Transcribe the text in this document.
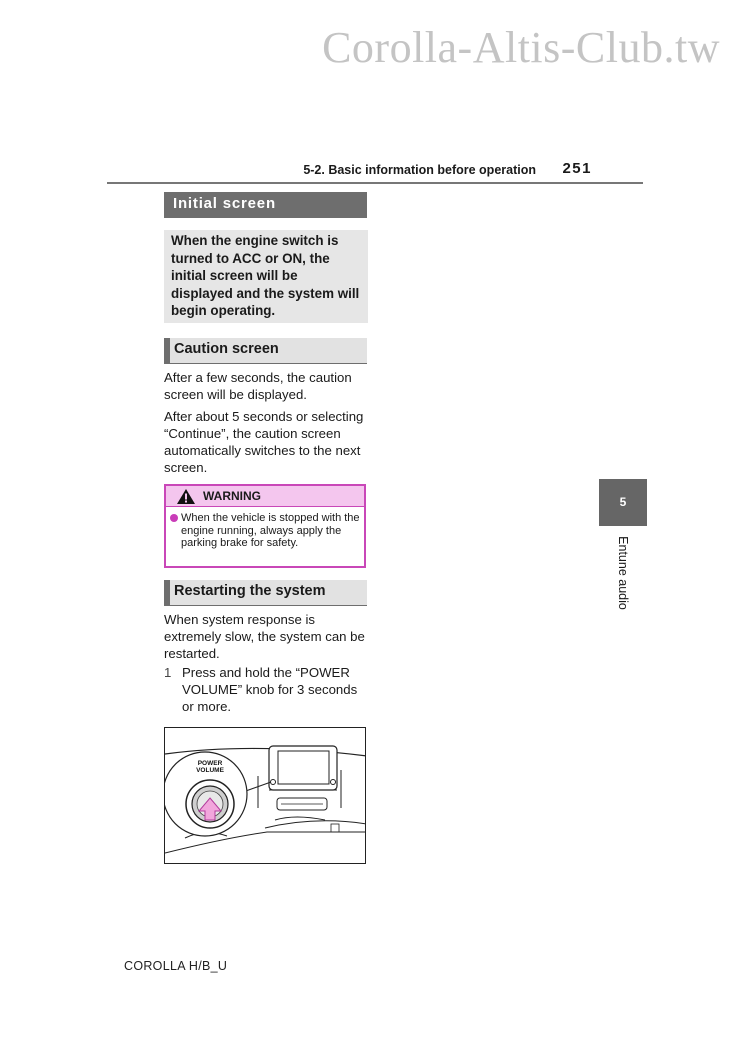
Corolla-Altis-Club.tw
5-2. Basic information before operation	251
Initial screen
When the engine switch is turned to ACC or ON, the initial screen will be displayed and the system will begin operating.
Caution screen
After a few seconds, the caution screen will be displayed.
After about 5 seconds or selecting “Continue”, the caution screen automatically switches to the next screen.
WARNING
When the vehicle is stopped with the engine running, always apply the parking brake for safety.
Restarting the system
When system response is extremely slow, the system can be restarted.
1 Press and hold the “POWER VOLUME” knob for 3 seconds or more.
POWER
VOLUME
5
Entune audio
COROLLA H/B_U
